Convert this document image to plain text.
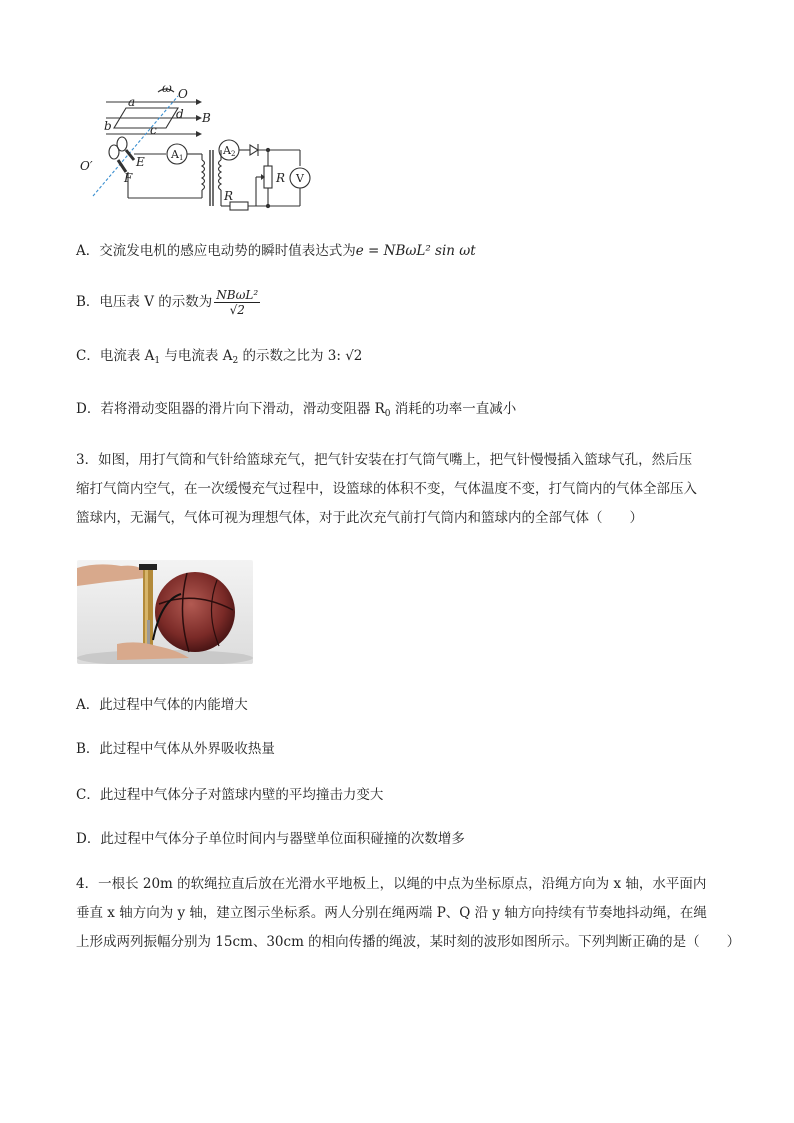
ω O
a
d B
b	c
O′	E
F
A1
A2
R V
R
A．交流发电机的感应电动势的瞬时值表达式为e = NBωL² sin ωt
B．电压表 V 的示数为 $\frac{\text{NBωL²}}{√2}$
C．电流表 $A_1$ 与电流表 $A_2$ 的示数之比为 3: √2
D．若将滑动变阻器的滑片向下滑动，滑动变阻器 $R_0$ 消耗的功率一直减小
3．如图，用打气筒和气针给篮球充气，把气针安装在打气筒气嘴上，把气针慢慢插入篮球气孔，然后压
缩打气筒内空气，在一次缓慢充气过程中，设篮球的体积不变，气体温度不变，打气筒内的气体全部压入
篮球内，无漏气，气体可视为理想气体，对于此次充气前打气筒内和篮球内的全部气体（　　）
A．此过程中气体的内能增大
B．此过程中气体从外界吸收热量
C．此过程中气体分子对篮球内壁的平均撞击力变大
D．此过程中气体分子单位时间内与器壁单位面积碰撞的次数增多
4．一根长 20m 的软绳拉直后放在光滑水平地板上，以绳的中点为坐标原点，沿绳方向为 x 轴，水平面内
垂直 x 轴方向为 y 轴，建立图示坐标系。两人分别在绳两端 P、Q 沿 y 轴方向持续有节奏地抖动绳，在绳
上形成两列振幅分别为 15cm、30cm 的相向传播的绳波，某时刻的波形如图所示。下列判断正确的是（　　）
